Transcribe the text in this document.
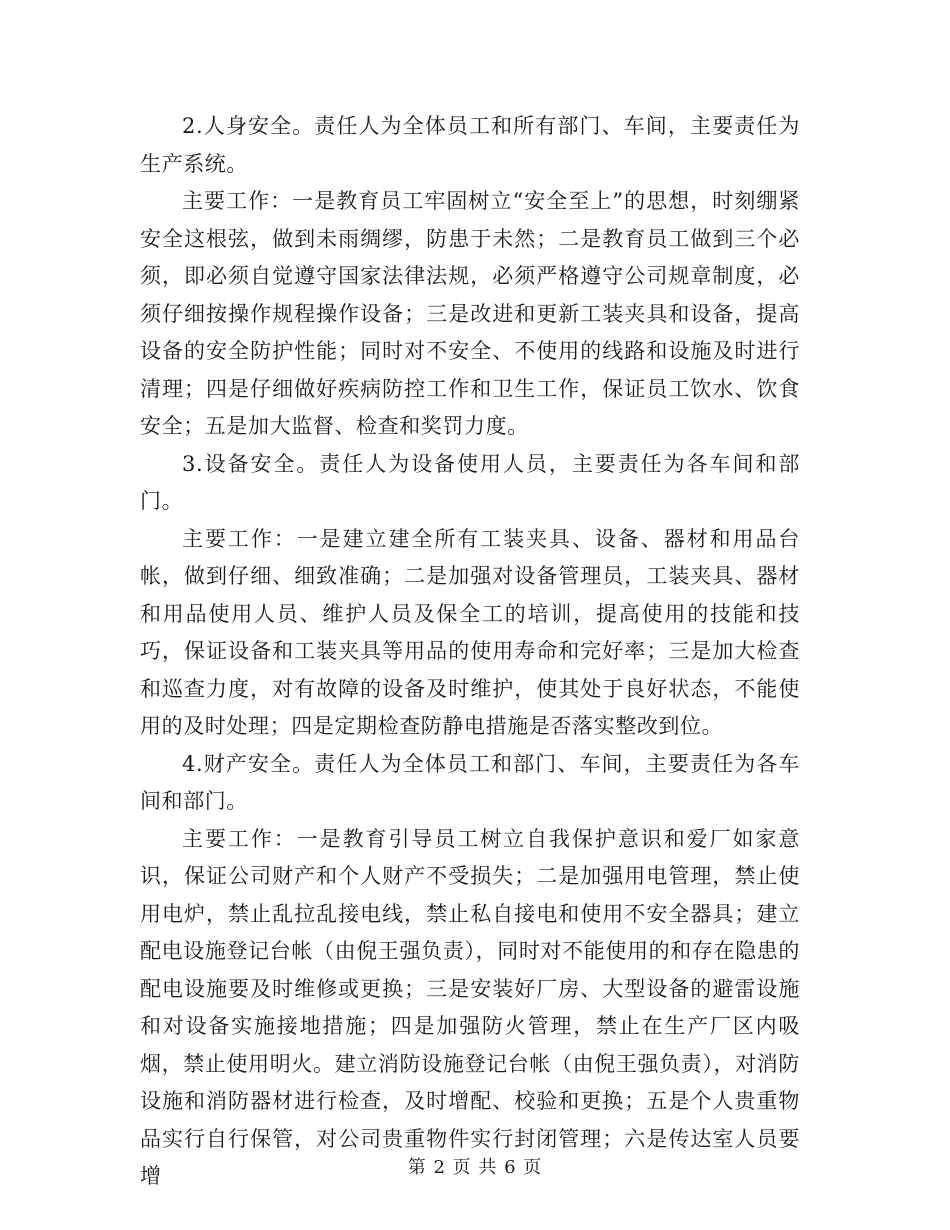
2.人身安全。责任人为全体员工和所有部门、车间，主要责任为生产系统。

主要工作：一是教育员工牢固树立“安全至上”的思想，时刻绷紧安全这根弦，做到未雨绸缪，防患于未然；二是教育员工做到三个必须，即必须自觉遵守国家法律法规，必须严格遵守公司规章制度，必须仔细按操作规程操作设备；三是改进和更新工装夹具和设备，提高设备的安全防护性能；同时对不安全、不使用的线路和设施及时进行清理；四是仔细做好疾病防控工作和卫生工作，保证员工饮水、饮食安全；五是加大监督、检查和奖罚力度。

3.设备安全。责任人为设备使用人员，主要责任为各车间和部门。

主要工作：一是建立建全所有工装夹具、设备、器材和用品台帐，做到仔细、细致准确；二是加强对设备管理员，工装夹具、器材和用品使用人员、维护人员及保全工的培训，提高使用的技能和技巧，保证设备和工装夹具等用品的使用寿命和完好率；三是加大检查和巡查力度，对有故障的设备及时维护，使其处于良好状态，不能使用的及时处理；四是定期检查防静电措施是否落实整改到位。

4.财产安全。责任人为全体员工和部门、车间，主要责任为各车间和部门。

主要工作：一是教育引导员工树立自我保护意识和爱厂如家意识，保证公司财产和个人财产不受损失；二是加强用电管理，禁止使用电炉，禁止乱拉乱接电线，禁止私自接电和使用不安全器具；建立配电设施登记台帐（由倪王强负责），同时对不能使用的和存在隐患的配电设施要及时维修或更换；三是安装好厂房、大型设备的避雷设施和对设备实施接地措施；四是加强防火管理，禁止在生产厂区内吸烟，禁止使用明火。建立消防设施登记台帐（由倪王强负责），对消防设施和消防器材进行检查，及时增配、校验和更换；五是个人贵重物品实行自行保管，对公司贵重物件实行封闭管理；六是传达室人员要增	第 2 页 共 6 页
